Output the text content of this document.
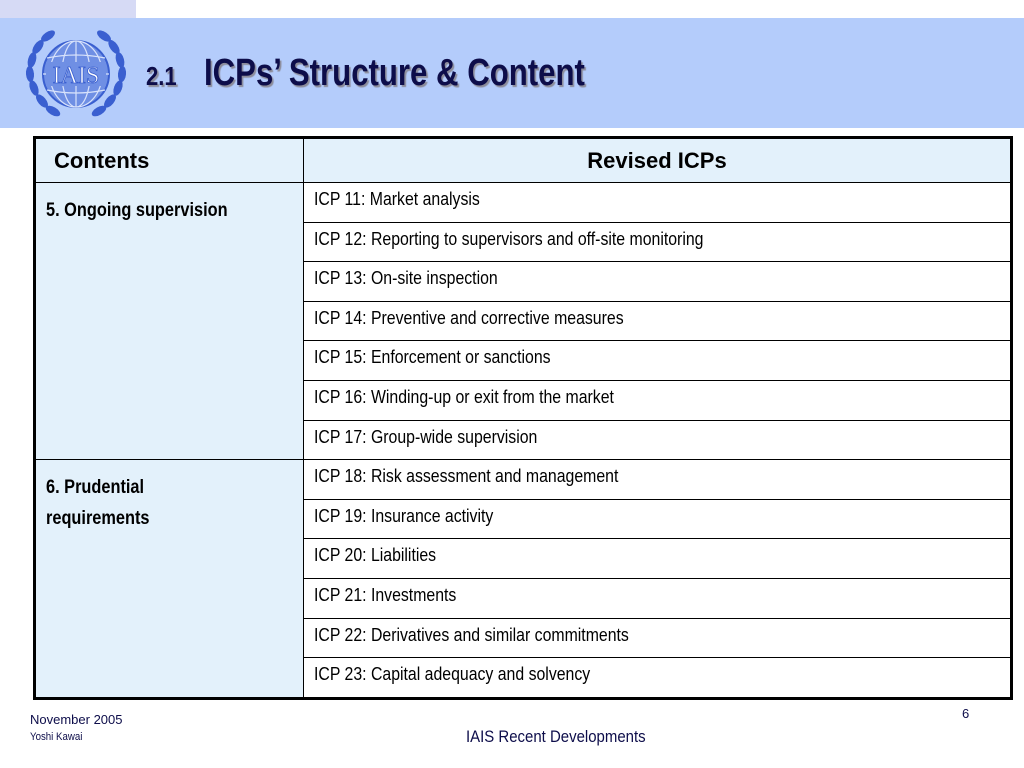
IAIS 2.1 ICPs’ Structure & Content
Contents	Revised ICPs
5. Ongoing supervision	ICP 11: Market analysis
	ICP 12: Reporting to supervisors and off-site monitoring
	ICP 13: On-site inspection
	ICP 14: Preventive and corrective measures
	ICP 15: Enforcement or sanctions
	ICP 16: Winding-up or exit from the market
	ICP 17: Group-wide supervision
6. Prudential requirements	ICP 18: Risk assessment and management
	ICP 19: Insurance activity
	ICP 20: Liabilities
	ICP 21: Investments
	ICP 22: Derivatives and similar commitments
	ICP 23: Capital adequacy and solvency
November 2005
Yoshi Kawai	IAIS Recent Developments
6
